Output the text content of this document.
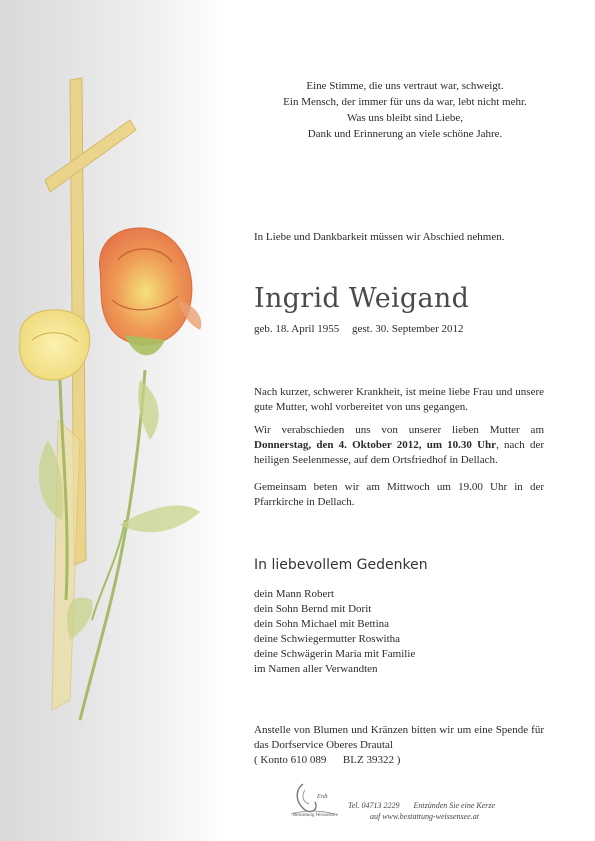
Eine Stimme, die uns vertraut war, schweigt.
Ein Mensch, der immer für uns da war, lebt nicht mehr.
Was uns bleibt sind Liebe,
Dank und Erinnerung an viele schöne Jahre.
In Liebe und Dankbarkeit müssen wir Abschied nehmen.
Ingrid Weigand
geb. 18. April 1955 gest. 30. September 2012
Nach kurzer, schwerer Krankheit, ist meine liebe Frau und unsere gute Mutter, wohl vorbereitet von uns gegangen.
Wir verabschieden uns von unserer lieben Mutter am Donnerstag, den 4. Oktober 2012, um 10.30 Uhr, nach der heiligen Seelenmesse, auf dem Ortsfriedhof in Dellach.
Gemeinsam beten wir am Mittwoch um 19.00 Uhr in der Pfarrkirche in Dellach.
In liebevollem Gedenken
dein Mann Robert
dein Sohn Bernd mit Dorit
dein Sohn Michael mit Bettina
deine Schwiegermutter Roswitha
deine Schwägerin Maria mit Familie
im Namen aller Verwandten
Anstelle von Blumen und Kränzen bitten wir um eine Spende für das Dorfservice Oberes Drautal
( Konto 610 089      BLZ 39322 )
Erdt
Bestattung Weissensee
Tel. 04713 2229 Entzünden Sie eine Kerze
auf www.bestattung-weissensee.at
